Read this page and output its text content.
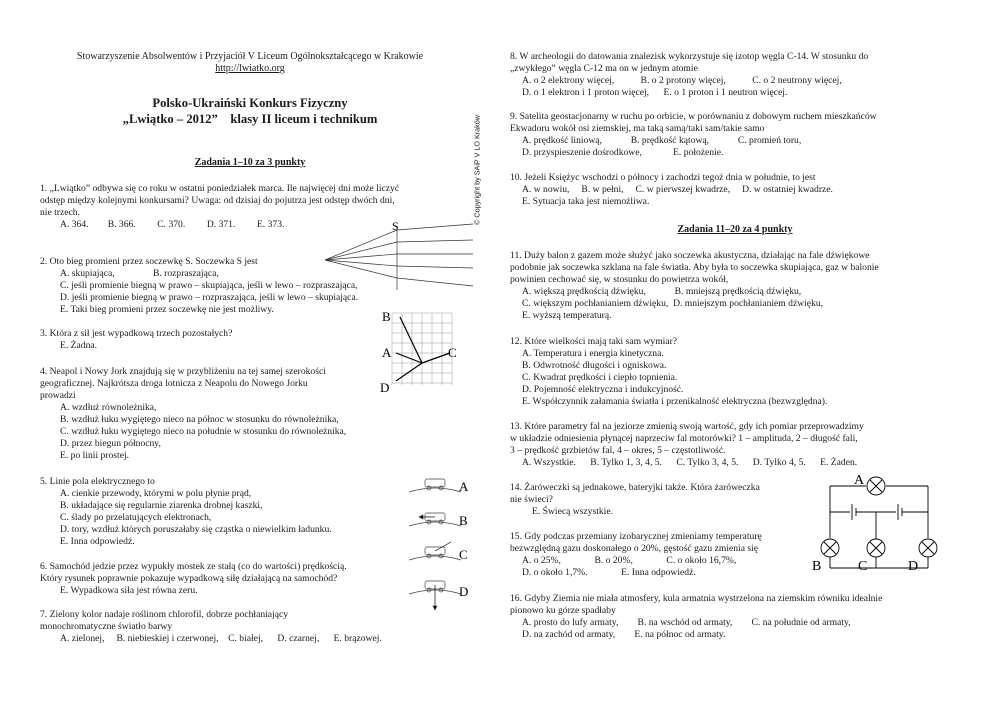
Stowarzyszenie Absolwentów i Przyjaciół V Liceum Ogólnokształcącego w Krakowie
http://lwiatko.org
Polsko-Ukraiński Konkurs Fizyczny
„Lwiątko – 2012”    klasy II liceum i technikum
Zadania 1–10 za 3 punkty
1. „Lwiątko” odbywa się co roku w ostatni poniedziałek marca. Ile najwięcej dni może liczyć
odstęp między kolejnymi konkursami? Uwaga: od dzisiaj do pojutrza jest odstęp dwóch dni,
nie trzech.
A. 364.        B. 366.         C. 370.         D. 371.         E. 373.
2. Oto bieg promieni przez soczewkę S. Soczewka S jest
A. skupiająca,                B. rozpraszająca,
C. jeśli promienie biegną w prawo – skupiająca, jeśli w lewo – rozpraszająca,
D. jeśli promienie biegną w prawo – rozpraszająca, jeśli w lewo – skupiająca.
E. Taki bieg promieni przez soczewkę nie jest możliwy.
3. Która z sił jest wypadkową trzech pozostałych?
E. Żadna.
4. Neapol i Nowy Jork znajdują się w przybliżeniu na tej samej szerokości
geograficznej. Najkrótsza droga lotnicza z Neapolu do Nowego Jorku
prowadzi
A. wzdłuż równoleżnika,
B. wzdłuż łuku wygiętego nieco na północ w stosunku do równoleżnika,
C. wzdłuż łuku wygiętego nieco na południe w stosunku do równoleżnika,
D. przez biegun północny,
E. po linii prostej.
5. Linie pola elektrycznego to
A. cienkie przewody, którymi w polu płynie prąd,
B. układające się regularnie ziarenka drobnej kaszki,
C. ślady po przelatujących elektronach,
D. tory, wzdłuż których poruszałaby się cząstka o niewielkim ładunku.
E. Inna odpowiedź.
6. Samochód jedzie przez wypukły mostek ze stałą (co do wartości) prędkością.
Który rysunek poprawnie pokazuje wypadkową siłę działającą na samochód?
E. Wypadkowa siła jest równa zeru.
7. Zielony kolor nadaje roślinom chlorofil, dobrze pochłaniający
monochromatyczne światło barwy
A. zielonej,     B. niebieskiej i czerwonej,    C. białej,      D. czarnej,      E. brązowej.
S
B
A	C
D
A
B
C
D
© Copyright by SAiP V LO Kraków
8. W archeologii do datowania znalezisk wykorzystuje się izotop węgla C-14. W stosunku do
„zwykłego” węgla C-12 ma on w jednym atomie
A. o 2 elektrony więcej,           B. o 2 protony więcej,           C. o 2 neutrony więcej,
D. o 1 elektron i 1 proton więcej,      E. o 1 proton i 1 neutron więcej.
9. Satelita geostacjonarny w ruchu po orbicie, w porównaniu z dobowym ruchem mieszkańców
Ekwadoru wokół osi ziemskiej, ma taką samą/taki sam/takie samo
A. prędkość liniową,            B. prędkość kątową,            C. promień toru,
D. przyspieszenie dośrodkowe,             E. położenie.
10. Jeżeli Księżyc wschodzi o północy i zachodzi tegoż dnia w południe, to jest
A. w nowiu,     B. w pełni,     C. w pierwszej kwadrze,     D. w ostatniej kwadrze.
E. Sytuacja taka jest niemożliwa.
Zadania 11–20 za 4 punkty
11. Duży balon z gazem może służyć jako soczewka akustyczna, działając na fale dźwiękowe
podobnie jak soczewka szklana na fale światła. Aby była to soczewka skupiająca, gaz w balonie
powinien cechować się, w stosunku do powietrza wokół,
A. większą prędkością dźwięku,            B. mniejszą prędkością dźwięku,
C. większym pochłanianiem dźwięku,  D. mniejszym pochłanianiem dźwięku,
E. wyższą temperaturą.
12. Które wielkości mają taki sam wymiar?
A. Temperatura i energia kinetyczna.
B. Odwrotność długości i ogniskowa.
C. Kwadrat prędkości i ciepło topnienia.
D. Pojemność elektryczna i indukcyjność.
E. Współczynnik załamania światła i przenikalność elektryczna (bezwzględna).
13. Które parametry fal na jeziorze zmienią swoją wartość, gdy ich pomiar przeprowadzimy
w układzie odniesienia płynącej naprzeciw fal motorówki? 1 – amplituda, 2 – długość fali,
3 – prędkość grzbietów fal, 4 – okres, 5 – częstotliwość.
A. Wszystkie.      B. Tylko 1, 3, 4, 5.      C. Tylko 3, 4, 5.      D. Tylko 4, 5.      E. Żaden.
14. Żaróweczki są jednakowe, bateryjki także. Która żaróweczka
nie świeci?
E. Świecą wszystkie.
15. Gdy podczas przemiany izobarycznej zmieniamy temperaturę
bezwzględną gazu doskonałego o 20%, gęstość gazu zmienia się
A. o 25%,              B. o 20%,              C. o około 16,7%,
D. o około 1,7%.              E. Inna odpowiedź.
16. Gdyby Ziemia nie miała atmosfery, kula armatnia wystrzelona na ziemskim równiku idealnie
pionowo ku górze spadłaby
A. prosto do lufy armaty,        B. na wschód od armaty,        C. na południe od armaty,
D. na zachód od armaty,        E. na północ od armaty.
A
B	C	D
